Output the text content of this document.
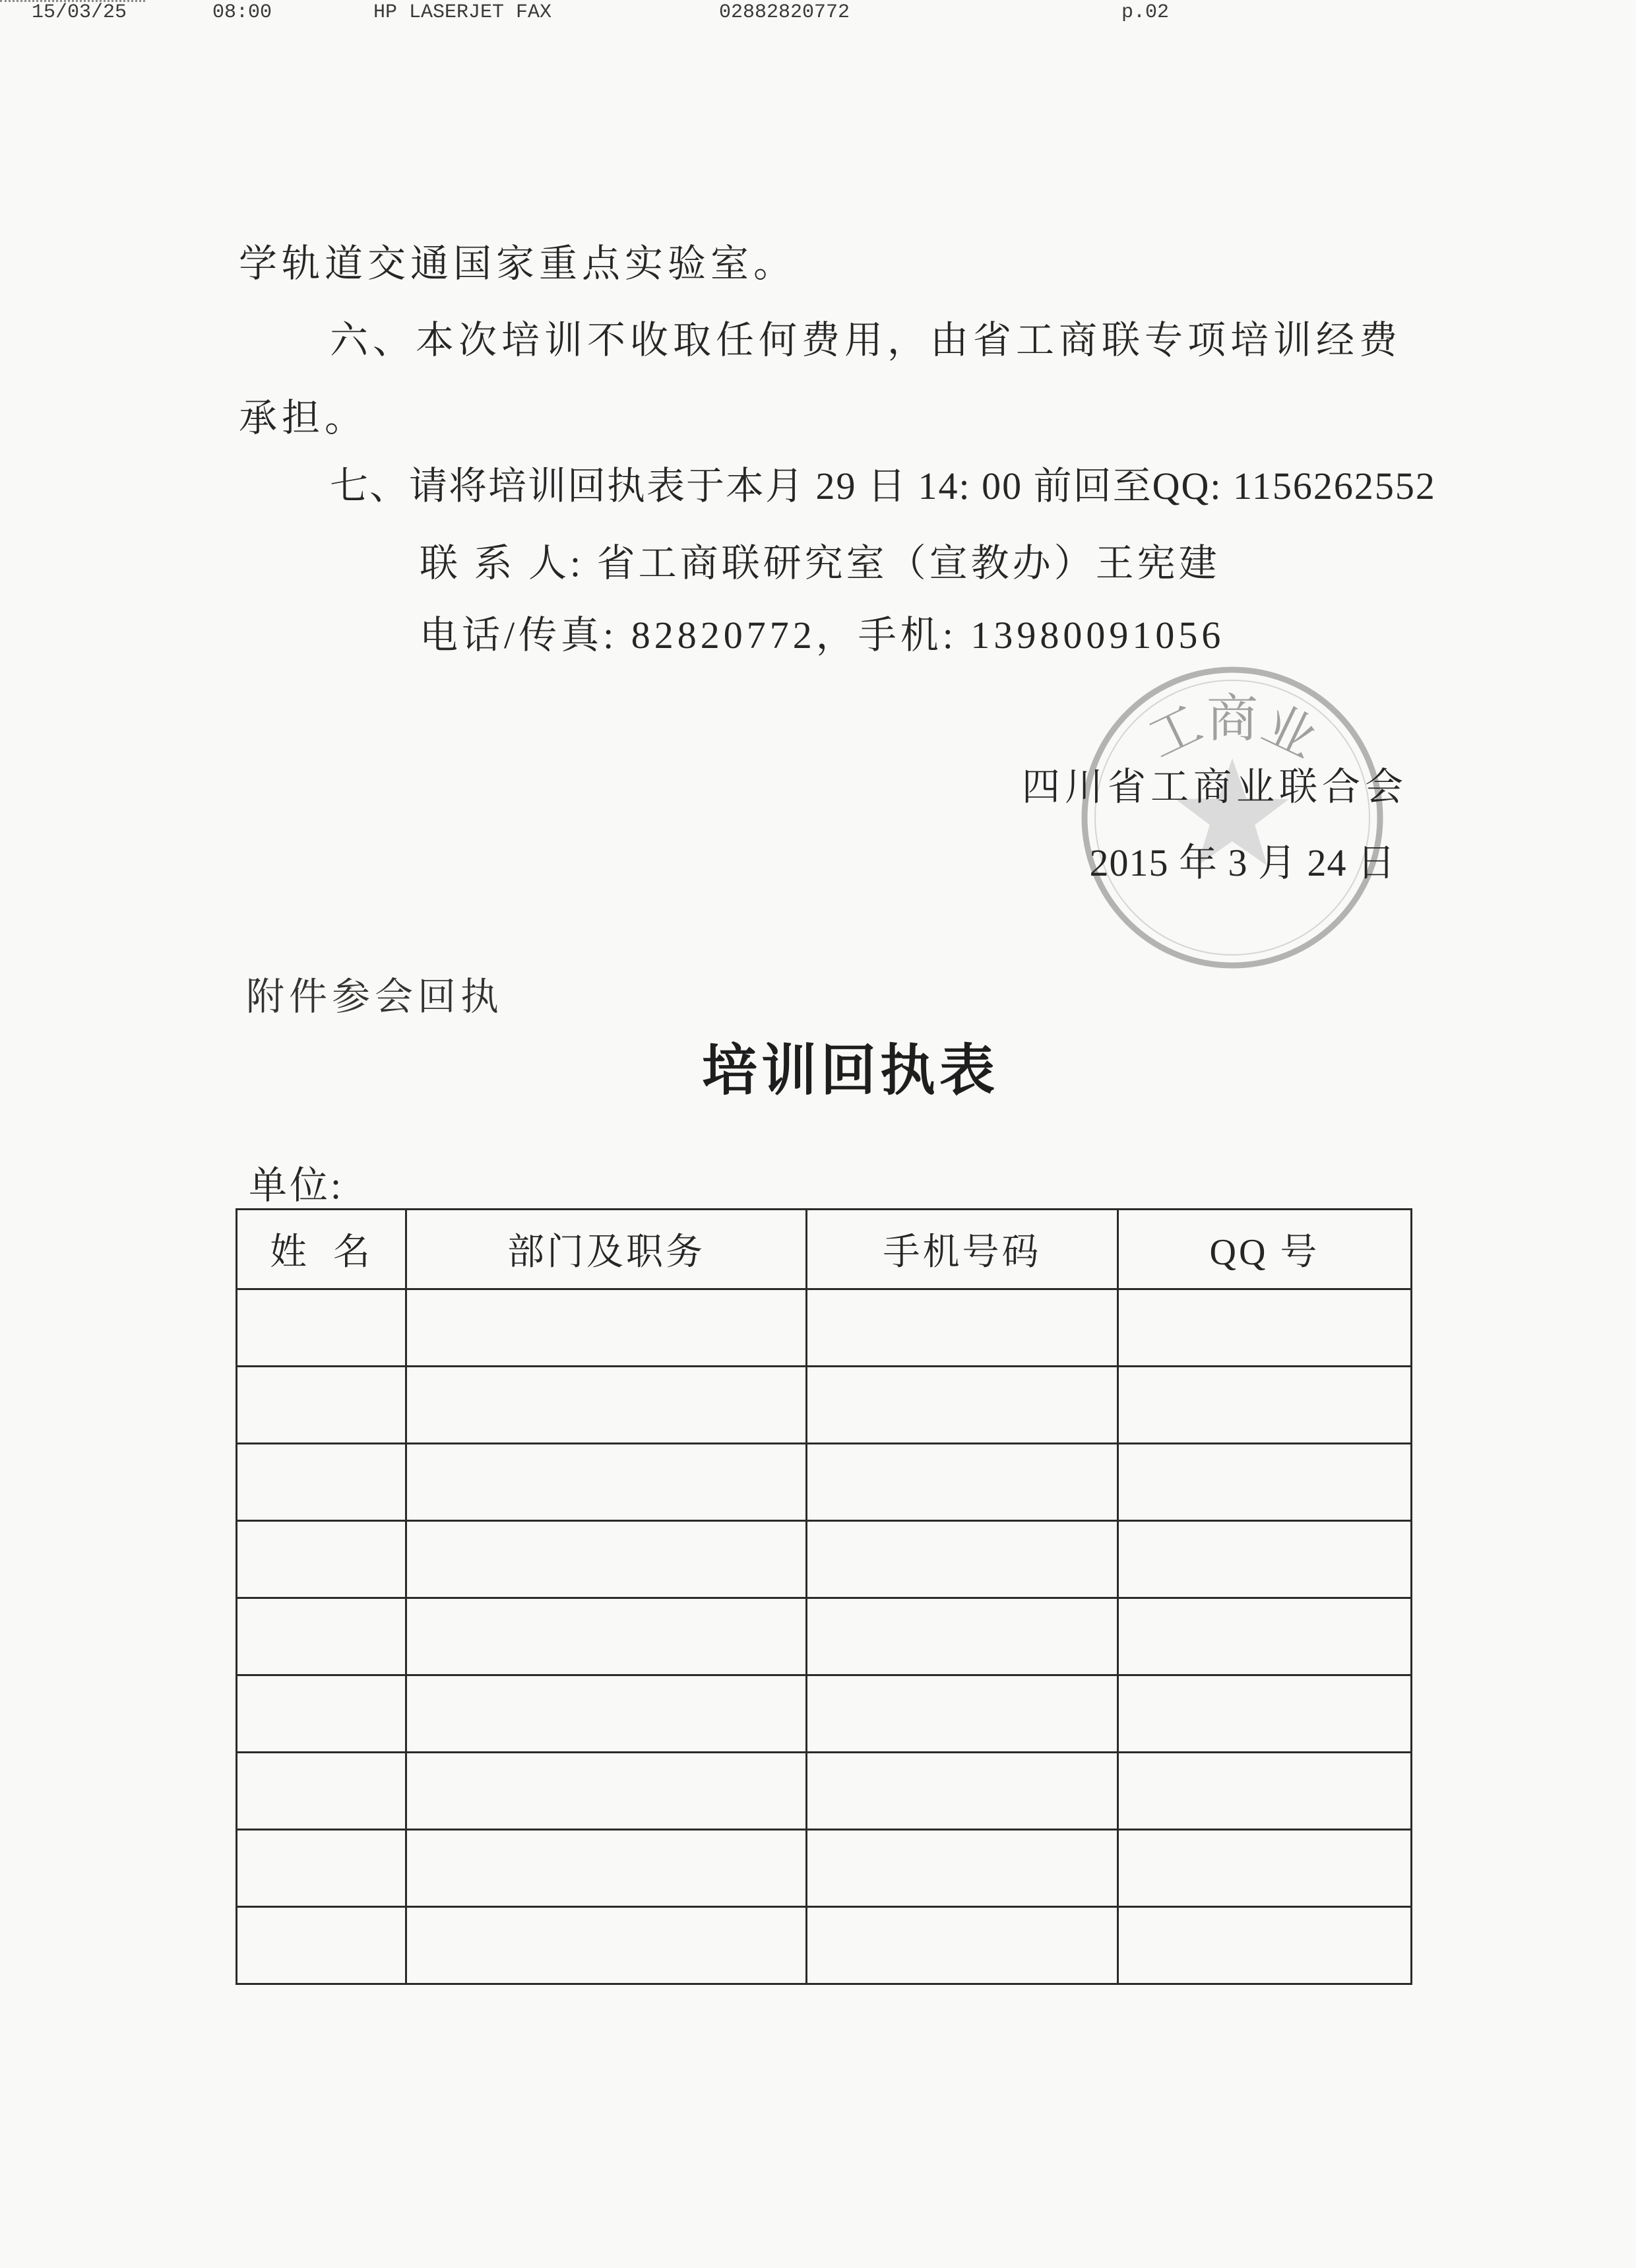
15/03/25	08:00	HP LASERJET FAX	02882820772	p.02
学轨道交通国家重点实验室。
六、本次培训不收取任何费用，由省工商联专项培训经费
承担。
七、请将培训回执表于本月 29 日 14: 00 前回至QQ: 1156262552
联 系 人: 省工商联研究室（宣教办）王宪建
电话/传真: 82820772，手机: 13980091056
工商业
四川省工商业联合会
2015 年 3 月 24 日
附件参会回执
培训回执表
单位:
姓  名	部门及职务	手机号码	QQ 号
